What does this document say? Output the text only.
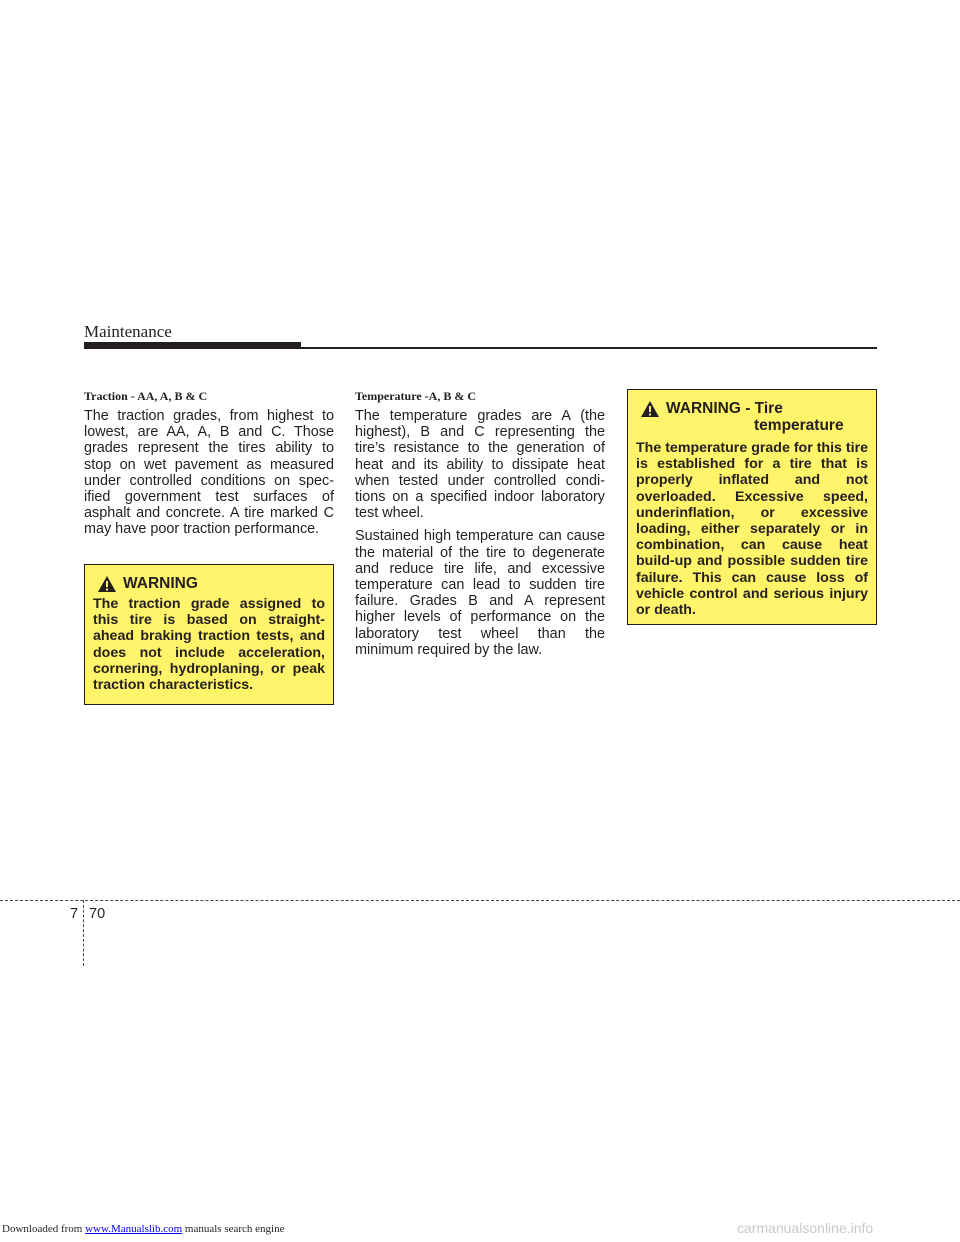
Maintenance
Traction - AA, A, B & C

The traction grades, from highest to lowest, are AA, A, B and C. Those grades represent the tires ability to stop on wet pavement as measured under controlled conditions on specified government test surfaces of asphalt and concrete. A tire marked C may have poor traction performance.

WARNING
The traction grade assigned to this tire is based on straight-ahead braking traction tests, and does not include acceleration, cornering, hydroplaning, or peak traction characteristics.
Temperature -A, B & C

The temperature grades are A (the highest), B and C representing the tire’s resistance to the generation of heat and its ability to dissipate heat when tested under controlled conditions on a specified indoor laboratory test wheel.

Sustained high temperature can cause the material of the tire to degenerate and reduce tire life, and excessive temperature can lead to sudden tire failure. Grades B and A represent higher levels of performance on the laboratory test wheel than the minimum required by the law.

WARNING - Tire
temperature
The temperature grade for this tire is established for a tire that is properly inflated and not overloaded. Excessive speed, underinflation, or excessive loading, either separately or in combination, can cause heat build-up and possible sudden tire failure. This can cause loss of vehicle control and serious injury or death.
7 70
Downloaded from www.Manualslib.com manuals search engine	carmanualsonline.info
